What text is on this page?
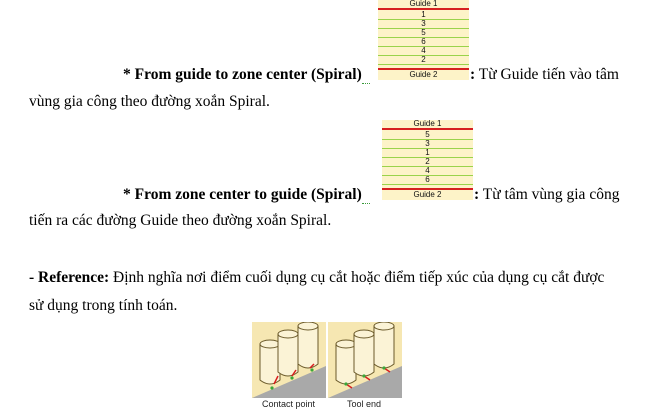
Guide 1
1
3
5
6
4
2
Guide 2
* From guide to zone center (Spiral)	: Từ Guide tiến vào tâm
vùng gia công theo đường xoắn Spiral.
Guide 1
5
3
1
2
4
6
Guide 2
* From zone center to guide (Spiral)	: Từ tâm vùng gia công
tiến ra các đường Guide theo đường xoắn Spiral.
- Reference: Định nghĩa nơi điểm cuối dụng cụ cắt hoặc điểm tiếp xúc của dụng cụ cắt được
sử dụng trong tính toán.
Contact point	Tool end
